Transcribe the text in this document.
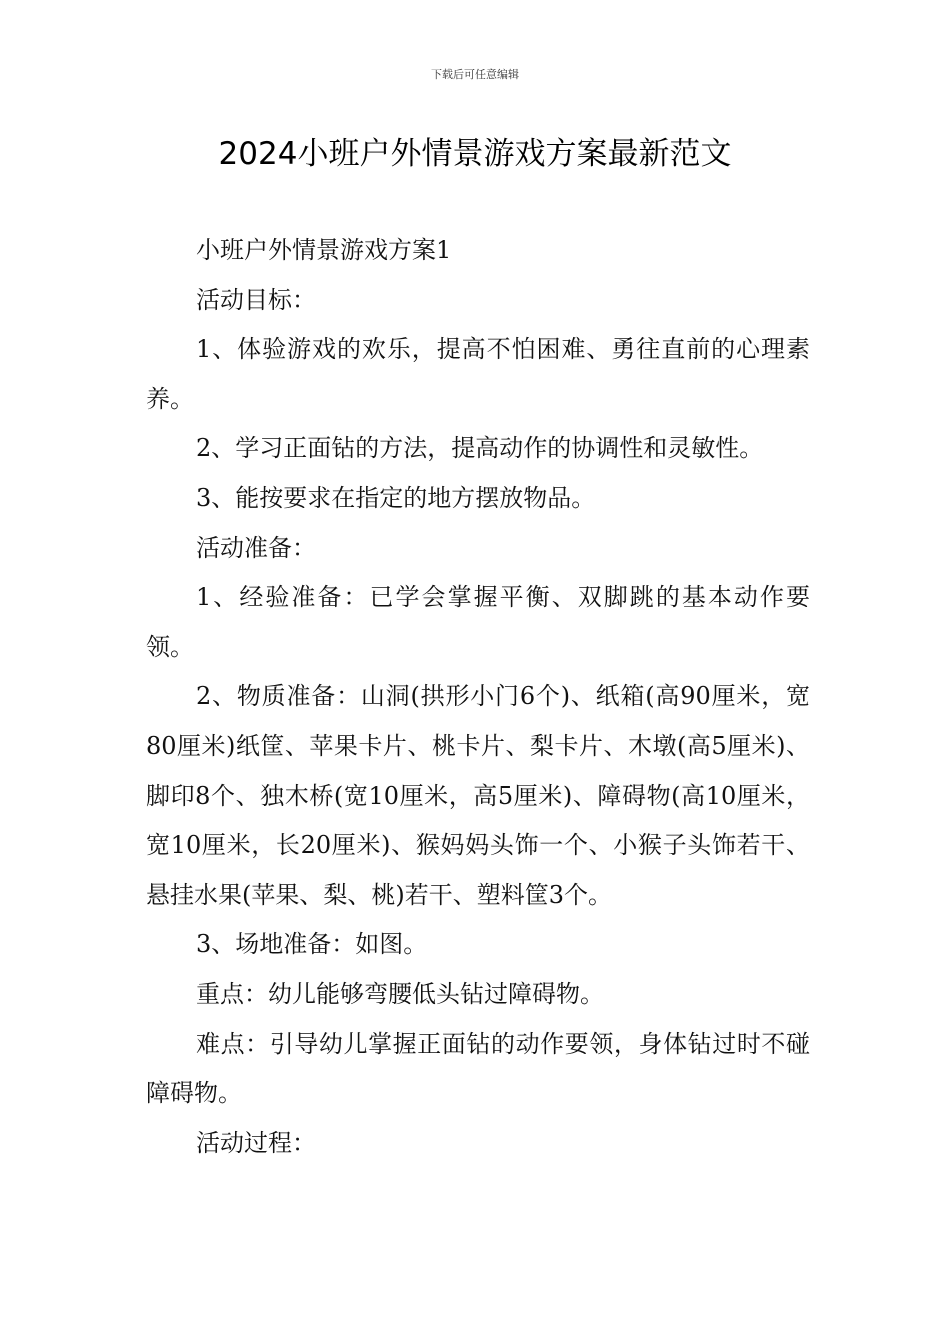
下载后可任意编辑
2024小班户外情景游戏方案最新范文

小班户外情景游戏方案1

活动目标：

1、体验游戏的欢乐，提高不怕困难、勇往直前的心理素养。

2、学习正面钻的方法，提高动作的协调性和灵敏性。

3、能按要求在指定的地方摆放物品。

活动准备：

1、经验准备：已学会掌握平衡、双脚跳的基本动作要领。

2、物质准备：山洞(拱形小门6个)、纸箱(高90厘米，宽80厘米)纸筐、苹果卡片、桃卡片、梨卡片、木墩(高5厘米)、脚印8个、独木桥(宽10厘米，高5厘米)、障碍物(高10厘米，宽10厘米，长20厘米)、猴妈妈头饰一个、小猴子头饰若干、悬挂水果(苹果、梨、桃)若干、塑料筐3个。

3、场地准备：如图。

重点：幼儿能够弯腰低头钻过障碍物。

难点：引导幼儿掌握正面钻的动作要领，身体钻过时不碰障碍物。

活动过程：
